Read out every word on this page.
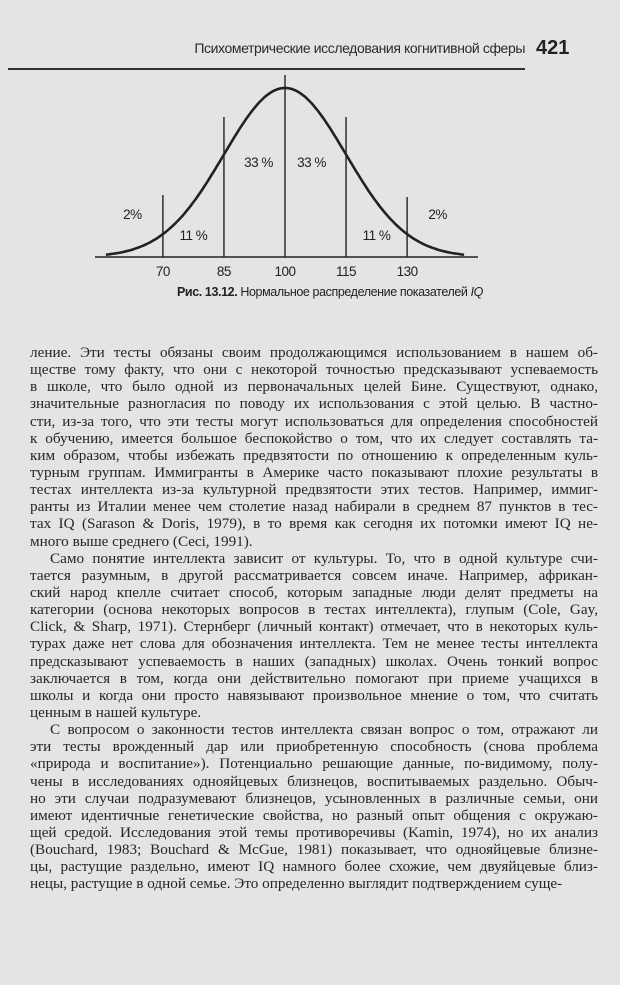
Психометрические исследования когнитивной сферы 421
70	85	100	115	130
2%
11 %
33 % 33 %
11 %
2%
Рис. 13.12. Нормальное распределение показателей IQ
ление. Эти тесты обязаны своим продолжающимся использованием в нашем об-
ществе тому факту, что они с некоторой точностью предсказывают успеваемость
в школе, что было одной из первоначальных целей Бине. Существуют, однако,
значительные разногласия по поводу их использования с этой целью. В частно-
сти, из-за того, что эти тесты могут использоваться для определения способностей
к обучению, имеется большое беспокойство о том, что их следует составлять та-
ким образом, чтобы избежать предвзятости по отношению к определенным куль-
турным группам. Иммигранты в Америке часто показывают плохие результаты в
тестах интеллекта из-за культурной предвзятости этих тестов. Например, иммиг-
ранты из Италии менее чем столетие назад набирали в среднем 87 пунктов в тес-
тах IQ (Sarason & Doris, 1979), в то время как сегодня их потомки имеют IQ не-
много выше среднего (Ceci, 1991).
Само понятие интеллекта зависит от культуры. То, что в одной культуре счи-
тается разумным, в другой рассматривается совсем иначе. Например, африкан-
ский народ кпелле считает способ, которым западные люди делят предметы на
категории (основа некоторых вопросов в тестах интеллекта), глупым (Cole, Gay,
Click, & Sharp, 1971). Стернберг (личный контакт) отмечает, что в некоторых куль-
турах даже нет слова для обозначения интеллекта. Тем не менее тесты интеллекта
предсказывают успеваемость в наших (западных) школах. Очень тонкий вопрос
заключается в том, когда они действительно помогают при приеме учащихся в
школы и когда они просто навязывают произвольное мнение о том, что считать
ценным в нашей культуре.
С вопросом о законности тестов интеллекта связан вопрос о том, отражают ли
эти тесты врожденный дар или приобретенную способность (снова проблема
«природа и воспитание»). Потенциально решающие данные, по-видимому, полу-
чены в исследованиях однояйцевых близнецов, воспитываемых раздельно. Обыч-
но эти случаи подразумевают близнецов, усыновленных в различные семьи, они
имеют идентичные генетические свойства, но разный опыт общения с окружаю-
щей средой. Исследования этой темы противоречивы (Kamin, 1974), но их анализ
(Bouchard, 1983; Bouchard & McGue, 1981) показывает, что однояйцевые близне-
цы, растущие раздельно, имеют IQ намного более схожие, чем двуяйцевые близ-
нецы, растущие в одной семье. Это определенно выглядит подтверждением суще-
